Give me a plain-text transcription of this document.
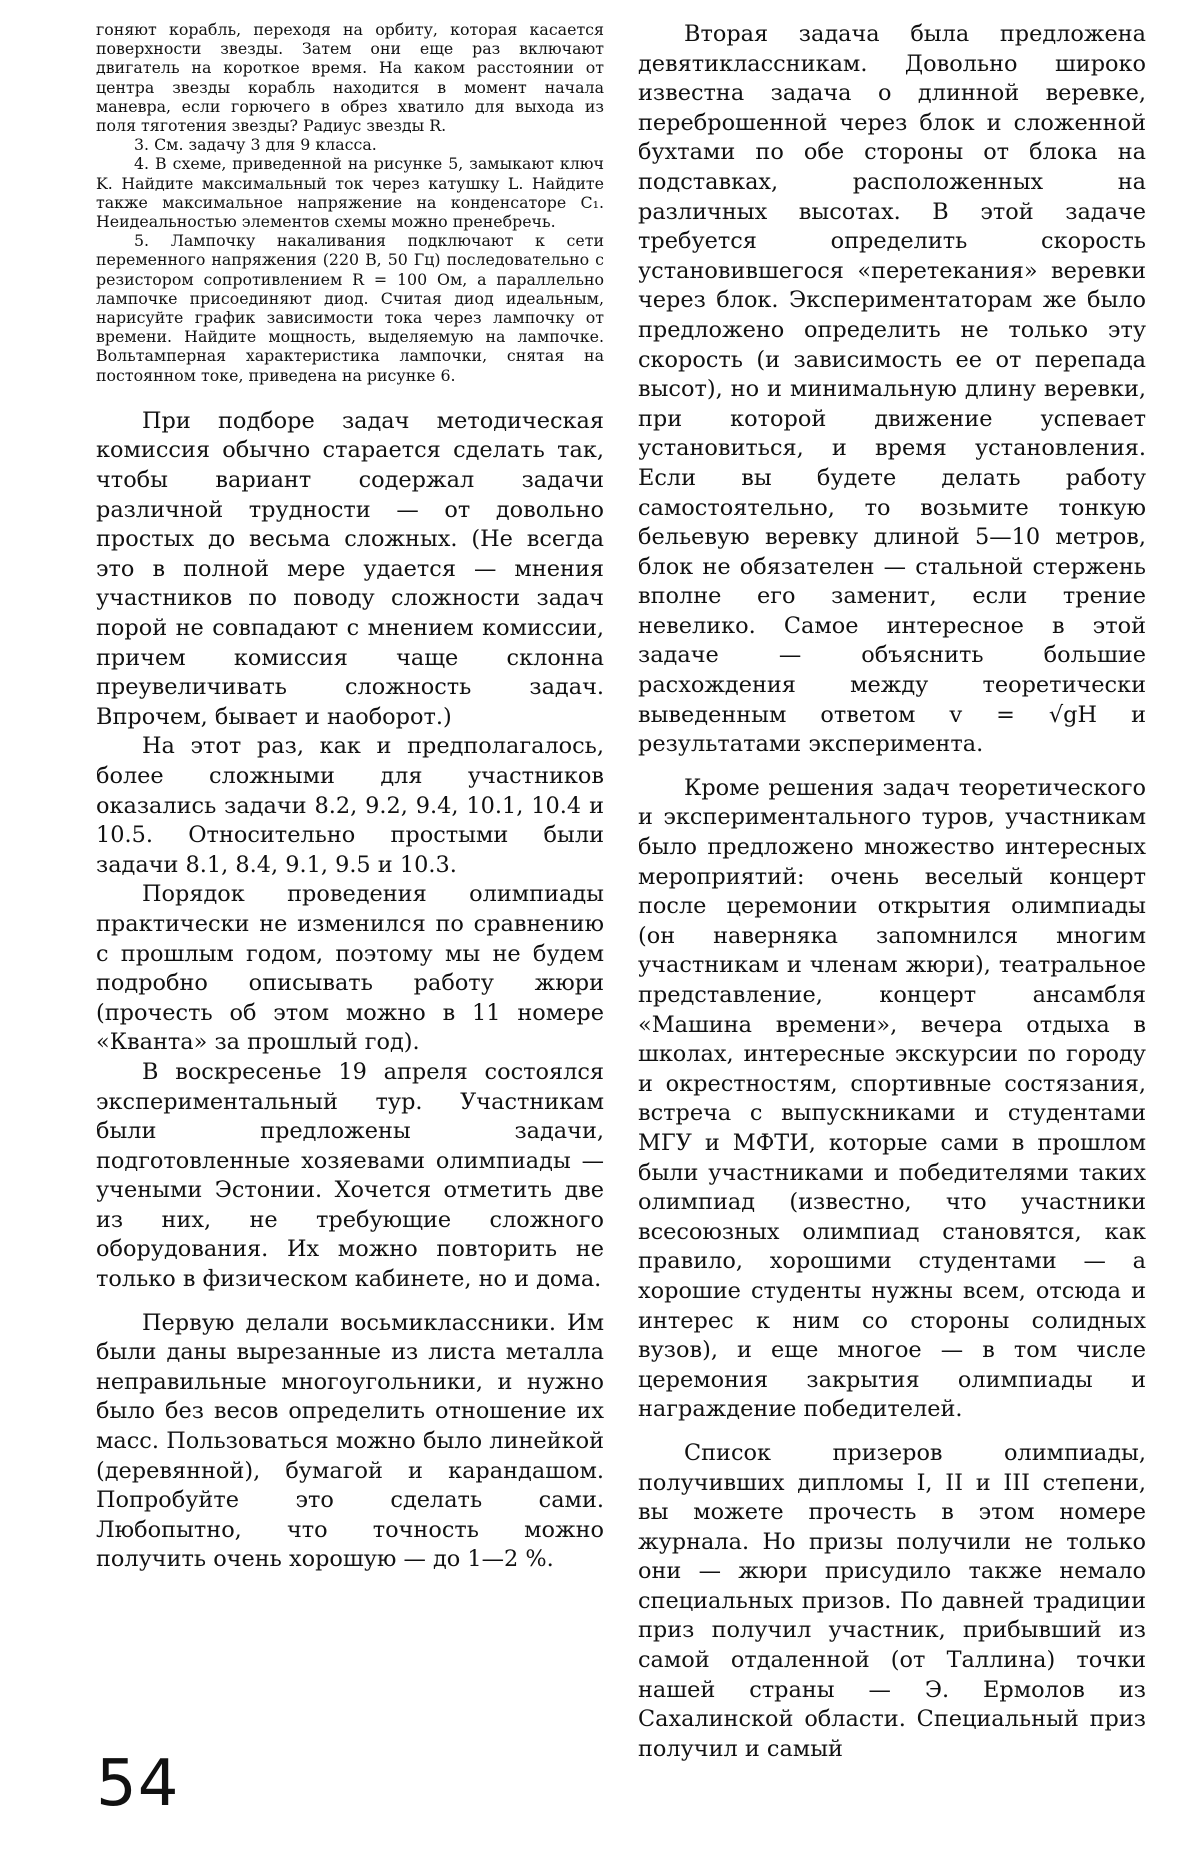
гоняют корабль, переходя на орбиту, которая касается поверхности звезды. Затем они еще раз включают двигатель на короткое время. На каком расстоянии от центра звезды корабль находится в момент начала маневра, если горючего в обрез хватило для выхода из поля тяготения звезды? Радиус звезды R.

3. См. задачу 3 для 9 класса.

4. В схеме, приведенной на рисунке 5, замыкают ключ K. Найдите максимальный ток через катушку L. Найдите также максимальное напряжение на конденсаторе C₁. Неидеальностью элементов схемы можно пренебречь.

5. Лампочку накаливания подключают к сети переменного напряжения (220 В, 50 Гц) последовательно с резистором сопротивлением R = 100 Ом, а параллельно лампочке присоединяют диод. Считая диод идеальным, нарисуйте график зависимости тока через лампочку от времени. Найдите мощность, выделяемую на лампочке. Вольтамперная характеристика лампочки, снятая на постоянном токе, приведена на рисунке 6.

При подборе задач методическая комиссия обычно старается сделать так, чтобы вариант содержал задачи различной трудности — от довольно простых до весьма сложных. (Не всегда это в полной мере удается — мнения участников по поводу сложности задач порой не совпадают с мнением комиссии, причем комиссия чаще склонна преувеличивать сложность задач. Впрочем, бывает и наоборот.)

На этот раз, как и предполагалось, более сложными для участников оказались задачи 8.2, 9.2, 9.4, 10.1, 10.4 и 10.5. Относительно простыми были задачи 8.1, 8.4, 9.1, 9.5 и 10.3.

Порядок проведения олимпиады практически не изменился по сравнению с прошлым годом, поэтому мы не будем подробно описывать работу жюри (прочесть об этом можно в 11 номере «Кванта» за прошлый год).

В воскресенье 19 апреля состоялся экспериментальный тур. Участникам были предложены задачи, подготовленные хозяевами олимпиады — учеными Эстонии. Хочется отметить две из них, не требующие сложного оборудования. Их можно повторить не только в физическом кабинете, но и дома.

Первую делали восьмиклассники. Им были даны вырезанные из листа металла неправильные многоугольники, и нужно было без весов определить отношение их масс. Пользоваться можно было линейкой (деревянной), бумагой и карандашом. Попробуйте это сделать сами. Любопытно, что точность можно получить очень хорошую — до 1—2 %.

Вторая задача была предложена девятиклассникам. Довольно широко известна задача о длинной веревке, переброшенной через блок и сложенной бухтами по обе стороны от блока на подставках, расположенных на различных высотах. В этой задаче требуется определить скорость установившегося «перетекания» веревки через блок. Экспериментаторам же было предложено определить не только эту скорость (и зависимость ее от перепада высот), но и минимальную длину веревки, при которой движение успевает установиться, и время установления. Если вы будете делать работу самостоятельно, то возьмите тонкую бельевую веревку длиной 5—10 метров, блок не обязателен — стальной стержень вполне его заменит, если трение невелико. Самое интересное в этой задаче — объяснить большие расхождения между теоретически выведенным ответом v = √gH и результатами эксперимента.

Кроме решения задач теоретического и экспериментального туров, участникам было предложено множество интересных мероприятий: очень веселый концерт после церемонии открытия олимпиады (он наверняка запомнился многим участникам и членам жюри), театральное представление, концерт ансамбля «Машина времени», вечера отдыха в школах, интересные экскурсии по городу и окрестностям, спортивные состязания, встреча с выпускниками и студентами МГУ и МФТИ, которые сами в прошлом были участниками и победителями таких олимпиад (известно, что участники всесоюзных олимпиад становятся, как правило, хорошими студентами — а хорошие студенты нужны всем, отсюда и интерес к ним со стороны солидных вузов), и еще многое — в том числе церемония закрытия олимпиады и награждение победителей.

Список призеров олимпиады, получивших дипломы I, II и III степени, вы можете прочесть в этом номере журнала. Но призы получили не только они — жюри присудило также немало специальных призов. По давней традиции приз получил участник, прибывший из самой отдаленной (от Таллина) точки нашей страны — Э. Ермолов из Сахалинской области. Специальный приз получил и самый

54
